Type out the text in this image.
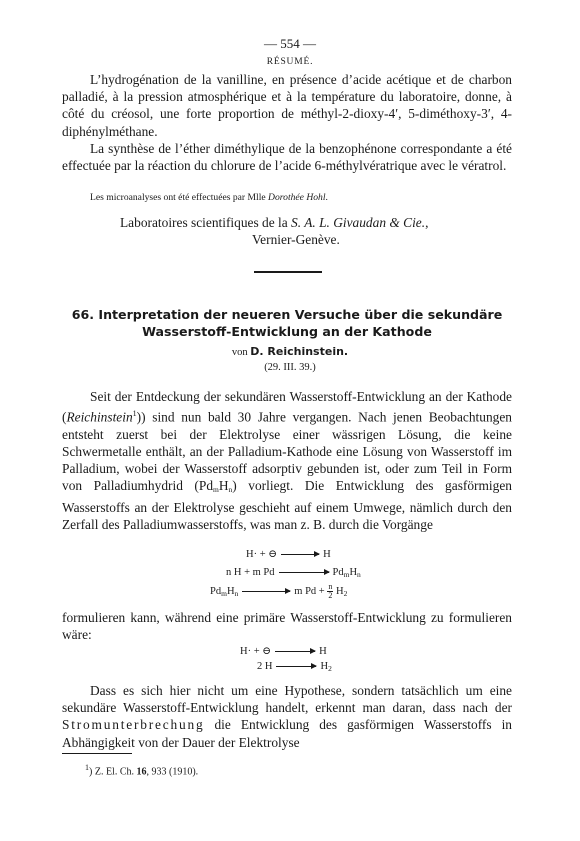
— 554 —
RÉSUMÉ.

L’hydrogénation de la vanilline, en présence d’acide acétique et de charbon palladié, à la pression atmosphérique et à la température du laboratoire, donne, à côté du créosol, une forte proportion de méthyl-2-dioxy-4′, 5-diméthoxy-3′, 4-diphénylméthane.

La synthèse de l’éther diméthylique de la benzophénone correspondante a été effectuée par la réaction du chlorure de l’acide 6-méthylvératrique avec le vératrol.

Les microanalyses ont été effectuées par Mlle Dorothée Hohl.

Laboratoires scientifiques de la S. A. L. Givaudan & Cie.,
Vernier-Genève.
66. Interpretation der neueren Versuche über die sekundäre
Wasserstoff-Entwicklung an der Kathode
von D. Reichinstein.
(29. III. 39.)

Seit der Entdeckung der sekundären Wasserstoff-Entwicklung an der Kathode (Reichinstein$^1$)) sind nun bald 30 Jahre vergangen. Nach jenen Beobachtungen entsteht zuerst bei der Elektrolyse einer wässrigen Lösung, die keine Schwermetalle enthält, an der Palladium-Kathode eine Lösung von Wasserstoff im Palladium, wobei der Wasserstoff adsorptiv gebunden ist, oder zum Teil in Form von Palladiumhydrid $(Pd_mH_n)$ vorliegt. Die Entwicklung des gasförmigen Wasserstoffs an der Elektrolyse geschieht auf einem Umwege, nämlich durch den Zerfall des Palladiumwasserstoffs, was man z. B. durch die Vorgänge

H· + ⊖ → H
n H + m Pd	$Pd_mH_n$
$Pd_mH_n$	m $Pd + \frac{n}{2} H_2$

formulieren kann, während eine primäre Wasserstoff-Entwicklung zu formulieren wäre:

H· + ⊖ → H
2 $H \to H_2$

Dass es sich hier nicht um eine Hypothese, sondern tatsächlich um eine sekundäre Wasserstoff-Entwicklung handelt, erkennt man daran, dass nach der Stromunterbrechung die Entwicklung des gasförmigen Wasserstoffs in Abhängigkeit von der Dauer der Elektrolyse

$^1$) Z. El. Ch. 16, 933 (1910).
